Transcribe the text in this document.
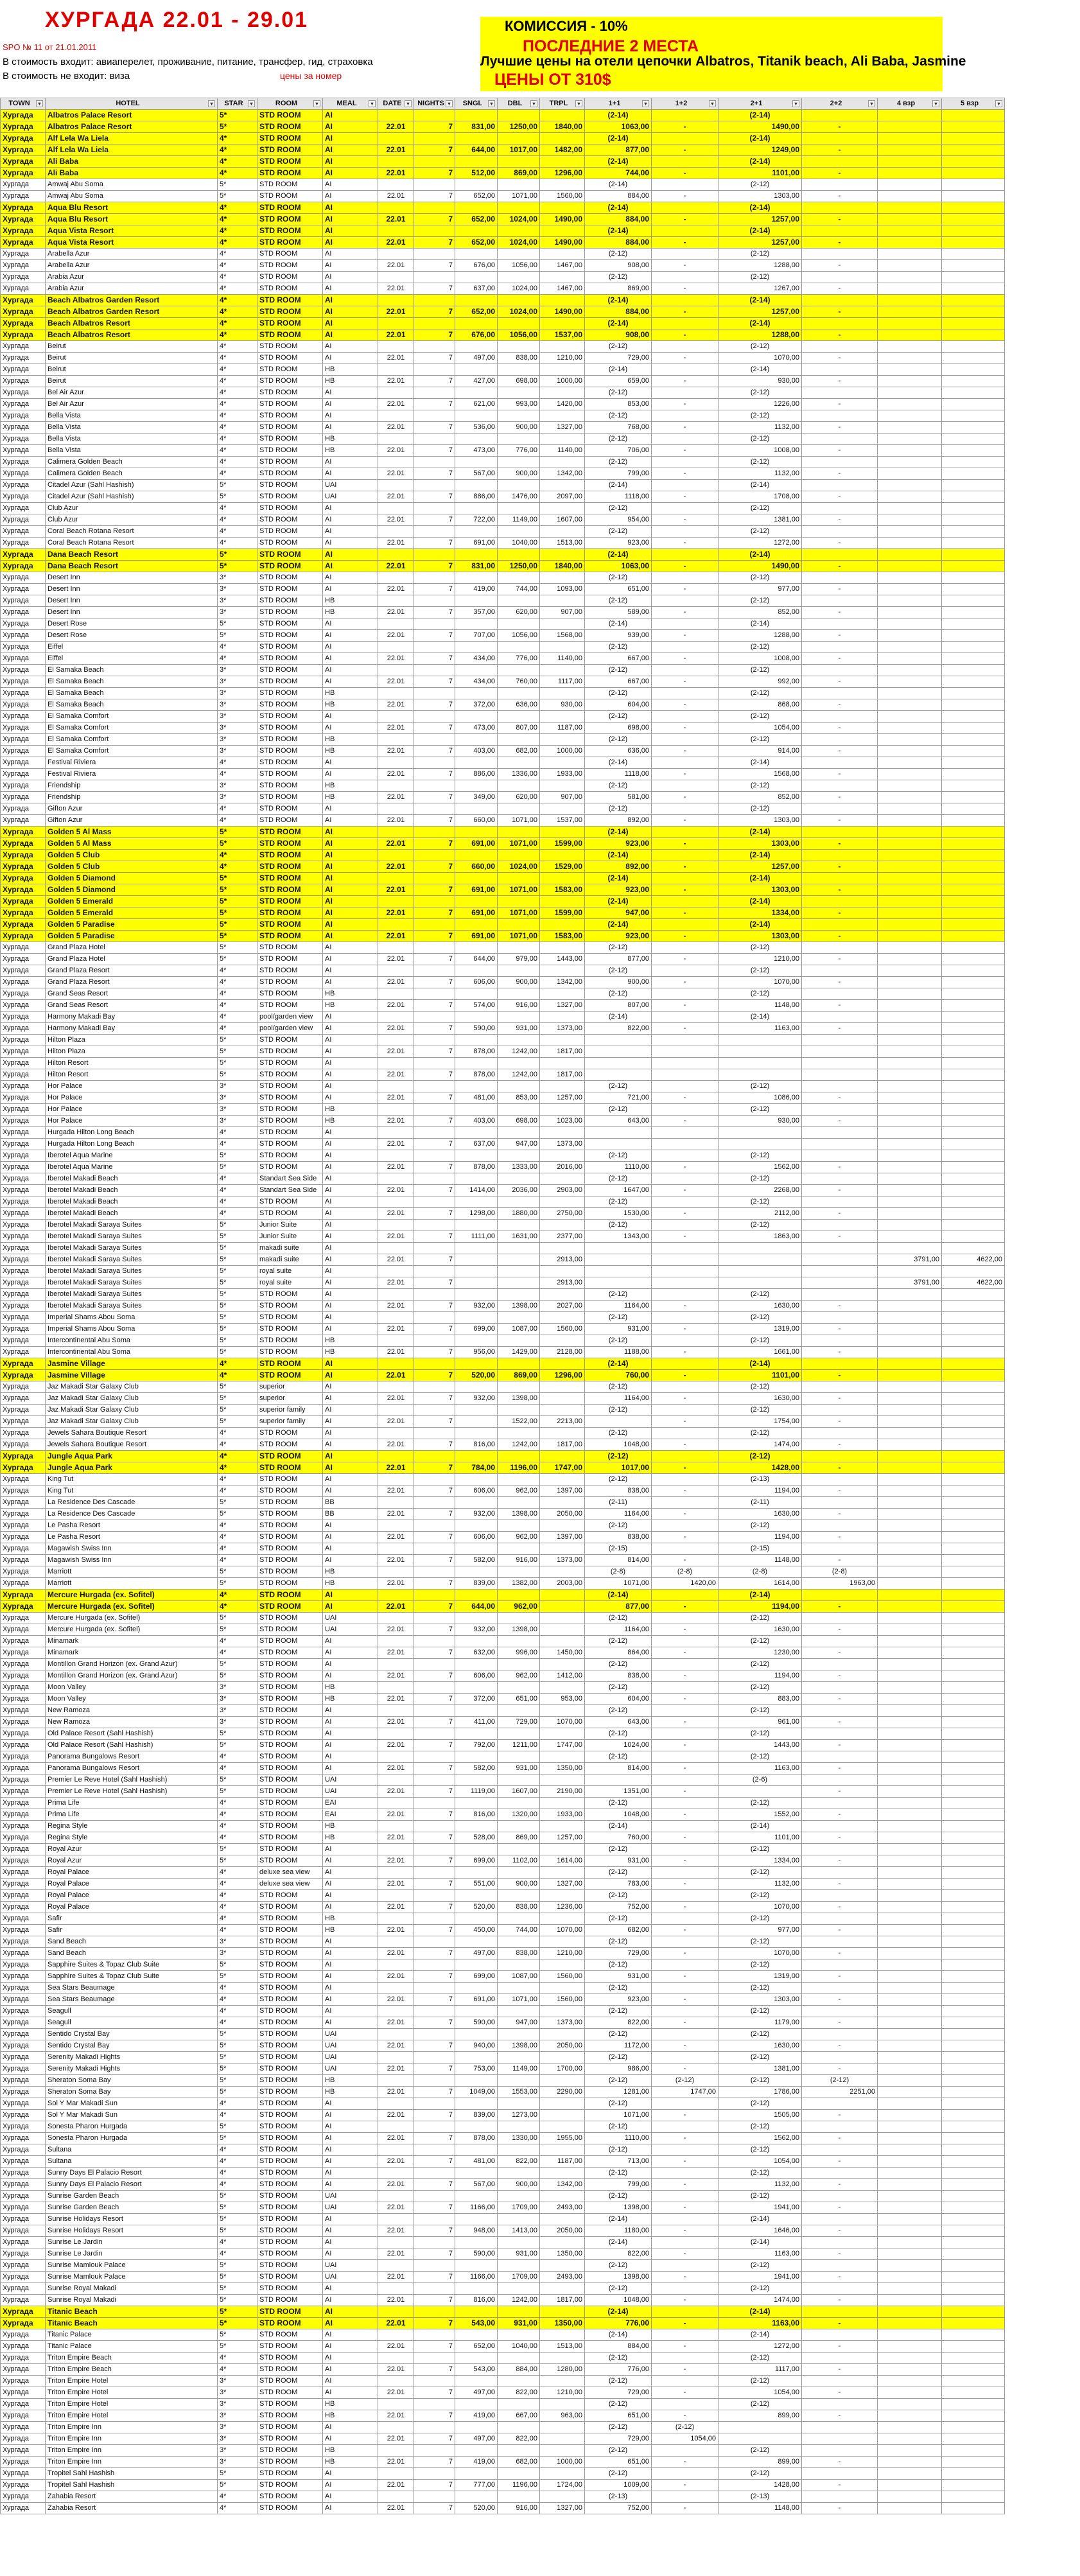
ХУРГАДА 22.01 - 29.01
SPO № 11 от 21.01.2011
В стоимость входит: авиаперелет, проживание, питание, трансфер, гид, страховка
В стоимость не входит: виза	цены за номер
КОМИССИЯ - 10%
ПОСЛЕДНИЕ 2 МЕСТА
Лучшие цены на отели цепочки Albatros, Titanik beach, Ali Baba, Jasmine
ЦЕНЫ ОТ 310$
TOWN ▾	HOTEL ▾	STAR ▾	ROOM ▾	MEAL ▾	DATE ▾	NIGHTS ▾	SNGL ▾	DBL ▾	TRPL ▾	1+1 ▾	1+2 ▾	2+1 ▾	2+2 ▾	4 взр ▾	5 взр ▾

Хургада	Albatros Palace Resort	5*	STD ROOM	AI						(2-14)		(2-14)			
Хургада	Albatros Palace Resort	5*	STD ROOM	AI	22.01	7	831,00	1250,00	1840,00	1063,00	-	1490,00	-		
Хургада	Alf Lela Wa Liela	4*	STD ROOM	AI						(2-14)		(2-14)			
Хургада	Alf Lela Wa Liela	4*	STD ROOM	AI	22.01	7	644,00	1017,00	1482,00	877,00	-	1249,00	-		
Хургада	Ali Baba	4*	STD ROOM	AI						(2-14)		(2-14)			
Хургада	Ali Baba	4*	STD ROOM	AI	22.01	7	512,00	869,00	1296,00	744,00	-	1101,00	-		
Хургада	Amwaj Abu Soma	5*	STD ROOM	AI						(2-14)		(2-12)			
Хургада	Amwaj Abu Soma	5*	STD ROOM	AI	22.01	7	652,00	1071,00	1560,00	884,00	-	1303,00	-		
Хургада	Aqua Blu Resort	4*	STD ROOM	AI						(2-14)		(2-14)			
Хургада	Aqua Blu Resort	4*	STD ROOM	AI	22.01	7	652,00	1024,00	1490,00	884,00	-	1257,00	-		
Хургада	Aqua Vista Resort	4*	STD ROOM	AI						(2-14)		(2-14)			
Хургада	Aqua Vista Resort	4*	STD ROOM	AI	22.01	7	652,00	1024,00	1490,00	884,00	-	1257,00	-		
Хургада	Arabella Azur	4*	STD ROOM	AI						(2-12)		(2-12)			
Хургада	Arabella Azur	4*	STD ROOM	AI	22.01	7	676,00	1056,00	1467,00	908,00	-	1288,00	-		
Хургада	Arabia Azur	4*	STD ROOM	AI						(2-12)		(2-12)			
Хургада	Arabia Azur	4*	STD ROOM	AI	22.01	7	637,00	1024,00	1467,00	869,00	-	1267,00	-		
Хургада	Beach Albatros Garden Resort	4*	STD ROOM	AI						(2-14)		(2-14)			
Хургада	Beach Albatros Garden Resort	4*	STD ROOM	AI	22.01	7	652,00	1024,00	1490,00	884,00	-	1257,00	-		
Хургада	Beach Albatros Resort	4*	STD ROOM	AI						(2-14)		(2-14)			
Хургада	Beach Albatros Resort	4*	STD ROOM	AI	22.01	7	676,00	1056,00	1537,00	908,00	-	1288,00	-		
Хургада	Beirut	4*	STD ROOM	AI						(2-12)		(2-12)			
Хургада	Beirut	4*	STD ROOM	AI	22.01	7	497,00	838,00	1210,00	729,00	-	1070,00	-		
Хургада	Beirut	4*	STD ROOM	HB						(2-14)		(2-14)			
Хургада	Beirut	4*	STD ROOM	HB	22.01	7	427,00	698,00	1000,00	659,00	-	930,00	-		
Хургада	Bel Air Azur	4*	STD ROOM	AI						(2-12)		(2-12)			
Хургада	Bel Air Azur	4*	STD ROOM	AI	22.01	7	621,00	993,00	1420,00	853,00	-	1226,00	-		
Хургада	Bella Vista	4*	STD ROOM	AI						(2-12)		(2-12)			
Хургада	Bella Vista	4*	STD ROOM	AI	22.01	7	536,00	900,00	1327,00	768,00	-	1132,00	-		
Хургада	Bella Vista	4*	STD ROOM	HB						(2-12)		(2-12)			
Хургада	Bella Vista	4*	STD ROOM	HB	22.01	7	473,00	776,00	1140,00	706,00	-	1008,00	-		
Хургада	Calimera Golden Beach	4*	STD ROOM	AI						(2-12)		(2-12)			
Хургада	Calimera Golden Beach	4*	STD ROOM	AI	22.01	7	567,00	900,00	1342,00	799,00	-	1132,00	-		
Хургада	Citadel Azur (Sahl Hashish)	5*	STD ROOM	UAI						(2-14)		(2-14)			
Хургада	Citadel Azur (Sahl Hashish)	5*	STD ROOM	UAI	22.01	7	886,00	1476,00	2097,00	1118,00	-	1708,00	-		
Хургада	Club Azur	4*	STD ROOM	AI						(2-12)		(2-12)			
Хургада	Club Azur	4*	STD ROOM	AI	22.01	7	722,00	1149,00	1607,00	954,00	-	1381,00	-		
Хургада	Coral Beach Rotana Resort	4*	STD ROOM	AI						(2-12)		(2-12)			
Хургада	Coral Beach Rotana Resort	4*	STD ROOM	AI	22.01	7	691,00	1040,00	1513,00	923,00	-	1272,00	-		
Хургада	Dana Beach Resort	5*	STD ROOM	AI						(2-14)		(2-14)			
Хургада	Dana Beach Resort	5*	STD ROOM	AI	22.01	7	831,00	1250,00	1840,00	1063,00	-	1490,00	-		
Хургада	Desert Inn	3*	STD ROOM	AI						(2-12)		(2-12)			
Хургада	Desert Inn	3*	STD ROOM	AI	22.01	7	419,00	744,00	1093,00	651,00	-	977,00	-		
Хургада	Desert Inn	3*	STD ROOM	HB						(2-12)		(2-12)			
Хургада	Desert Inn	3*	STD ROOM	HB	22.01	7	357,00	620,00	907,00	589,00	-	852,00	-		
Хургада	Desert Rose	5*	STD ROOM	AI						(2-14)		(2-14)			
Хургада	Desert Rose	5*	STD ROOM	AI	22.01	7	707,00	1056,00	1568,00	939,00	-	1288,00	-		
Хургада	Eiffel	4*	STD ROOM	AI						(2-12)		(2-12)			
Хургада	Eiffel	4*	STD ROOM	AI	22.01	7	434,00	776,00	1140,00	667,00	-	1008,00	-		
Хургада	El Samaka Beach	3*	STD ROOM	AI						(2-12)		(2-12)			
Хургада	El Samaka Beach	3*	STD ROOM	AI	22.01	7	434,00	760,00	1117,00	667,00	-	992,00	-		
Хургада	El Samaka Beach	3*	STD ROOM	HB						(2-12)		(2-12)			
Хургада	El Samaka Beach	3*	STD ROOM	HB	22.01	7	372,00	636,00	930,00	604,00	-	868,00	-		
Хургада	El Samaka Comfort	3*	STD ROOM	AI						(2-12)		(2-12)			
Хургада	El Samaka Comfort	3*	STD ROOM	AI	22.01	7	473,00	807,00	1187,00	698,00	-	1054,00	-		
Хургада	El Samaka Comfort	3*	STD ROOM	HB						(2-12)		(2-12)			
Хургада	El Samaka Comfort	3*	STD ROOM	HB	22.01	7	403,00	682,00	1000,00	636,00	-	914,00	-		
Хургада	Festival Riviera	4*	STD ROOM	AI						(2-14)		(2-14)			
Хургада	Festival Riviera	4*	STD ROOM	AI	22.01	7	886,00	1336,00	1933,00	1118,00	-	1568,00	-		
Хургада	Friendship	3*	STD ROOM	HB						(2-12)		(2-12)			
Хургада	Friendship	3*	STD ROOM	HB	22.01	7	349,00	620,00	907,00	581,00	-	852,00	-		
Хургада	Gifton Azur	4*	STD ROOM	AI						(2-12)		(2-12)			
Хургада	Gifton Azur	4*	STD ROOM	AI	22.01	7	660,00	1071,00	1537,00	892,00	-	1303,00	-		
Хургада	Golden 5 Al Mass	5*	STD ROOM	AI						(2-14)		(2-14)			
Хургада	Golden 5 Al Mass	5*	STD ROOM	AI	22.01	7	691,00	1071,00	1599,00	923,00	-	1303,00	-		
Хургада	Golden 5 Club	4*	STD ROOM	AI						(2-14)		(2-14)			
Хургада	Golden 5 Club	4*	STD ROOM	AI	22.01	7	660,00	1024,00	1529,00	892,00	-	1257,00	-		
Хургада	Golden 5 Diamond	5*	STD ROOM	AI						(2-14)		(2-14)			
Хургада	Golden 5 Diamond	5*	STD ROOM	AI	22.01	7	691,00	1071,00	1583,00	923,00	-	1303,00	-		
Хургада	Golden 5 Emerald	5*	STD ROOM	AI						(2-14)		(2-14)			
Хургада	Golden 5 Emerald	5*	STD ROOM	AI	22.01	7	691,00	1071,00	1599,00	947,00	-	1334,00	-		
Хургада	Golden 5 Paradise	5*	STD ROOM	AI						(2-14)		(2-14)			
Хургада	Golden 5 Paradise	5*	STD ROOM	AI	22.01	7	691,00	1071,00	1583,00	923,00	-	1303,00	-		
Хургада	Grand Plaza Hotel	5*	STD ROOM	AI						(2-12)		(2-12)			
Хургада	Grand Plaza Hotel	5*	STD ROOM	AI	22.01	7	644,00	979,00	1443,00	877,00	-	1210,00	-		
Хургада	Grand Plaza Resort	4*	STD ROOM	AI						(2-12)		(2-12)			
Хургада	Grand Plaza Resort	4*	STD ROOM	AI	22.01	7	606,00	900,00	1342,00	900,00	-	1070,00	-		
Хургада	Grand Seas Resort	4*	STD ROOM	HB						(2-12)		(2-12)			
Хургада	Grand Seas Resort	4*	STD ROOM	HB	22.01	7	574,00	916,00	1327,00	807,00	-	1148,00	-		
Хургада	Harmony Makadi Bay	4*	pool/garden view	AI						(2-14)		(2-14)			
Хургада	Harmony Makadi Bay	4*	pool/garden view	AI	22.01	7	590,00	931,00	1373,00	822,00	-	1163,00	-		
Хургада	Hilton Plaza	5*	STD ROOM	AI											
Хургада	Hilton Plaza	5*	STD ROOM	AI	22.01	7	878,00	1242,00	1817,00						
Хургада	Hilton Resort	5*	STD ROOM	AI											
Хургада	Hilton Resort	5*	STD ROOM	AI	22.01	7	878,00	1242,00	1817,00						
Хургада	Hor Palace	3*	STD ROOM	AI						(2-12)		(2-12)			
Хургада	Hor Palace	3*	STD ROOM	AI	22.01	7	481,00	853,00	1257,00	721,00	-	1086,00	-		
Хургада	Hor Palace	3*	STD ROOM	HB						(2-12)		(2-12)			
Хургада	Hor Palace	3*	STD ROOM	HB	22.01	7	403,00	698,00	1023,00	643,00	-	930,00	-		
Хургада	Hurgada Hilton Long Beach	4*	STD ROOM	AI											
Хургада	Hurgada Hilton Long Beach	4*	STD ROOM	AI	22.01	7	637,00	947,00	1373,00						
Хургада	Iberotel Aqua Marine	5*	STD ROOM	AI						(2-12)		(2-12)			
Хургада	Iberotel Aqua Marine	5*	STD ROOM	AI	22.01	7	878,00	1333,00	2016,00	1110,00	-	1562,00	-		
Хургада	Iberotel Makadi Beach	4*	Standart Sea Side	AI						(2-12)		(2-12)			
Хургада	Iberotel Makadi Beach	4*	Standart Sea Side	AI	22.01	7	1414,00	2036,00	2903,00	1647,00	-	2268,00	-		
Хургада	Iberotel Makadi Beach	4*	STD ROOM	AI						(2-12)		(2-12)			
Хургада	Iberotel Makadi Beach	4*	STD ROOM	AI	22.01	7	1298,00	1880,00	2750,00	1530,00	-	2112,00	-		
Хургада	Iberotel Makadi Saraya Suites	5*	Junior Suite	AI						(2-12)		(2-12)			
Хургада	Iberotel Makadi Saraya Suites	5*	Junior Suite	AI	22.01	7	1111,00	1631,00	2377,00	1343,00	-	1863,00	-		
Хургада	Iberotel Makadi Saraya Suites	5*	makadi suite	AI											
Хургада	Iberotel Makadi Saraya Suites	5*	makadi suite	AI	22.01	7			2913,00					3791,00	4622,00
Хургада	Iberotel Makadi Saraya Suites	5*	royal suite	AI											
Хургада	Iberotel Makadi Saraya Suites	5*	royal suite	AI	22.01	7			2913,00					3791,00	4622,00
Хургада	Iberotel Makadi Saraya Suites	5*	STD ROOM	AI						(2-12)		(2-12)			
Хургада	Iberotel Makadi Saraya Suites	5*	STD ROOM	AI	22.01	7	932,00	1398,00	2027,00	1164,00	-	1630,00	-		
Хургада	Imperial Shams Abou Soma	5*	STD ROOM	AI						(2-12)		(2-12)			
Хургада	Imperial Shams Abou Soma	5*	STD ROOM	AI	22.01	7	699,00	1087,00	1560,00	931,00	-	1319,00	-		
Хургада	Intercontinental Abu Soma	5*	STD ROOM	HB						(2-12)		(2-12)			
Хургада	Intercontinental Abu Soma	5*	STD ROOM	HB	22.01	7	956,00	1429,00	2128,00	1188,00	-	1661,00	-		
Хургада	Jasmine Village	4*	STD ROOM	AI						(2-14)		(2-14)			
Хургада	Jasmine Village	4*	STD ROOM	AI	22.01	7	520,00	869,00	1296,00	760,00	-	1101,00	-		
Хургада	Jaz Makadi Star Galaxy Club	5*	superior	AI						(2-12)		(2-12)			
Хургада	Jaz Makadi Star Galaxy Club	5*	superior	AI	22.01	7	932,00	1398,00		1164,00	-	1630,00	-		
Хургада	Jaz Makadi Star Galaxy Club	5*	superior family	AI						(2-12)		(2-12)			
Хургада	Jaz Makadi Star Galaxy Club	5*	superior family	AI	22.01	7		1522,00	2213,00		-	1754,00	-		
Хургада	Jewels Sahara Boutique Resort	4*	STD ROOM	AI						(2-12)		(2-12)			
Хургада	Jewels Sahara Boutique Resort	4*	STD ROOM	AI	22.01	7	816,00	1242,00	1817,00	1048,00	-	1474,00	-		
Хургада	Jungle Aqua Park	4*	STD ROOM	AI						(2-12)		(2-12)			
Хургада	Jungle Aqua Park	4*	STD ROOM	AI	22.01	7	784,00	1196,00	1747,00	1017,00	-	1428,00	-		
Хургада	King Tut	4*	STD ROOM	AI						(2-12)		(2-13)			
Хургада	King Tut	4*	STD ROOM	AI	22.01	7	606,00	962,00	1397,00	838,00	-	1194,00	-		
Хургада	La Residence Des Cascade	5*	STD ROOM	BB						(2-11)		(2-11)			
Хургада	La Residence Des Cascade	5*	STD ROOM	BB	22.01	7	932,00	1398,00	2050,00	1164,00	-	1630,00	-		
Хургада	Le Pasha Resort	4*	STD ROOM	AI						(2-12)		(2-12)			
Хургада	Le Pasha Resort	4*	STD ROOM	AI	22.01	7	606,00	962,00	1397,00	838,00	-	1194,00	-		
Хургада	Magawish Swiss Inn	4*	STD ROOM	AI						(2-15)		(2-15)			
Хургада	Magawish Swiss Inn	4*	STD ROOM	AI	22.01	7	582,00	916,00	1373,00	814,00	-	1148,00	-		
Хургада	Marriott	5*	STD ROOM	HB						(2-8)	(2-8)	(2-8)	(2-8)		
Хургада	Marriott	5*	STD ROOM	HB	22.01	7	839,00	1382,00	2003,00	1071,00	1420,00	1614,00	1963,00		
Хургада	Mercure Hurgada (ex. Sofitel)	4*	STD ROOM	AI						(2-14)		(2-14)			
Хургада	Mercure Hurgada (ex. Sofitel)	4*	STD ROOM	AI	22.01	7	644,00	962,00		877,00	-	1194,00	-		
Хургада	Mercure Hurgada (ex. Sofitel)	5*	STD ROOM	UAI						(2-12)		(2-12)			
Хургада	Mercure Hurgada (ex. Sofitel)	5*	STD ROOM	UAI	22.01	7	932,00	1398,00		1164,00	-	1630,00	-		
Хургада	Minamark	4*	STD ROOM	AI						(2-12)		(2-12)			
Хургада	Minamark	4*	STD ROOM	AI	22.01	7	632,00	996,00	1450,00	864,00	-	1230,00	-		
Хургада	Montillon Grand Horizon (ex. Grand Azur)	5*	STD ROOM	AI						(2-12)		(2-12)			
Хургада	Montillon Grand Horizon (ex. Grand Azur)	5*	STD ROOM	AI	22.01	7	606,00	962,00	1412,00	838,00	-	1194,00	-		
Хургада	Moon Valley	3*	STD ROOM	HB						(2-12)		(2-12)			
Хургада	Moon Valley	3*	STD ROOM	HB	22.01	7	372,00	651,00	953,00	604,00	-	883,00	-		
Хургада	New Ramoza	3*	STD ROOM	AI						(2-12)		(2-12)			
Хургада	New Ramoza	3*	STD ROOM	AI	22.01	7	411,00	729,00	1070,00	643,00	-	961,00	-		
Хургада	Old Palace Resort (Sahl Hashish)	5*	STD ROOM	AI						(2-12)		(2-12)			
Хургада	Old Palace Resort (Sahl Hashish)	5*	STD ROOM	AI	22.01	7	792,00	1211,00	1747,00	1024,00	-	1443,00	-		
Хургада	Panorama Bungalows Resort	4*	STD ROOM	AI						(2-12)		(2-12)			
Хургада	Panorama Bungalows Resort	4*	STD ROOM	AI	22.01	7	582,00	931,00	1350,00	814,00	-	1163,00	-		
Хургада	Premier Le Reve Hotel (Sahl Hashish)	5*	STD ROOM	UAI								(2-6)			
Хургада	Premier Le Reve Hotel (Sahl Hashish)	5*	STD ROOM	UAI	22.01	7	1119,00	1607,00	2190,00	1351,00	-		-		
Хургада	Prima Life	4*	STD ROOM	EAI						(2-12)		(2-12)			
Хургада	Prima Life	4*	STD ROOM	EAI	22.01	7	816,00	1320,00	1933,00	1048,00	-	1552,00	-		
Хургада	Regina Style	4*	STD ROOM	HB						(2-14)		(2-14)			
Хургада	Regina Style	4*	STD ROOM	HB	22.01	7	528,00	869,00	1257,00	760,00	-	1101,00	-		
Хургада	Royal Azur	5*	STD ROOM	AI						(2-12)		(2-12)			
Хургада	Royal Azur	5*	STD ROOM	AI	22.01	7	699,00	1102,00	1614,00	931,00	-	1334,00	-		
Хургада	Royal Palace	4*	deluxe sea view	AI						(2-12)		(2-12)			
Хургада	Royal Palace	4*	deluxe sea view	AI	22.01	7	551,00	900,00	1327,00	783,00	-	1132,00	-		
Хургада	Royal Palace	4*	STD ROOM	AI						(2-12)		(2-12)			
Хургада	Royal Palace	4*	STD ROOM	AI	22.01	7	520,00	838,00	1236,00	752,00	-	1070,00	-		
Хургада	Safir	4*	STD ROOM	HB						(2-12)		(2-12)			
Хургада	Safir	4*	STD ROOM	HB	22.01	7	450,00	744,00	1070,00	682,00	-	977,00	-		
Хургада	Sand Beach	3*	STD ROOM	AI						(2-12)		(2-12)			
Хургада	Sand Beach	3*	STD ROOM	AI	22.01	7	497,00	838,00	1210,00	729,00	-	1070,00	-		
Хургада	Sapphire Suites & Topaz Club Suite	5*	STD ROOM	AI						(2-12)		(2-12)			
Хургада	Sapphire Suites & Topaz Club Suite	5*	STD ROOM	AI	22.01	7	699,00	1087,00	1560,00	931,00	-	1319,00	-		
Хургада	Sea Stars Beaumage	4*	STD ROOM	AI						(2-12)		(2-12)			
Хургада	Sea Stars Beaumage	4*	STD ROOM	AI	22.01	7	691,00	1071,00	1560,00	923,00	-	1303,00	-		
Хургада	Seagull	4*	STD ROOM	AI						(2-12)		(2-12)			
Хургада	Seagull	4*	STD ROOM	AI	22.01	7	590,00	947,00	1373,00	822,00	-	1179,00	-		
Хургада	Sentido Crystal Bay	5*	STD ROOM	UAI						(2-12)		(2-12)			
Хургада	Sentido Crystal Bay	5*	STD ROOM	UAI	22.01	7	940,00	1398,00	2050,00	1172,00	-	1630,00	-		
Хургада	Serenity Makadi Hights	5*	STD ROOM	UAI						(2-12)		(2-12)			
Хургада	Serenity Makadi Hights	5*	STD ROOM	UAI	22.01	7	753,00	1149,00	1700,00	986,00	-	1381,00	-		
Хургада	Sheraton Soma Bay	5*	STD ROOM	HB						(2-12)	(2-12)	(2-12)	(2-12)		
Хургада	Sheraton Soma Bay	5*	STD ROOM	HB	22.01	7	1049,00	1553,00	2290,00	1281,00	1747,00	1786,00	2251,00		
Хургада	Sol Y Mar Makadi Sun	4*	STD ROOM	AI						(2-12)		(2-12)			
Хургада	Sol Y Mar Makadi Sun	4*	STD ROOM	AI	22.01	7	839,00	1273,00		1071,00	-	1505,00	-		
Хургада	Sonesta Pharon Hurgada	5*	STD ROOM	AI						(2-12)		(2-12)			
Хургада	Sonesta Pharon Hurgada	5*	STD ROOM	AI	22.01	7	878,00	1330,00	1955,00	1110,00	-	1562,00	-		
Хургада	Sultana	4*	STD ROOM	AI						(2-12)		(2-12)			
Хургада	Sultana	4*	STD ROOM	AI	22.01	7	481,00	822,00	1187,00	713,00	-	1054,00	-		
Хургада	Sunny Days El Palacio Resort	4*	STD ROOM	AI						(2-12)		(2-12)			
Хургада	Sunny Days El Palacio Resort	4*	STD ROOM	AI	22.01	7	567,00	900,00	1342,00	799,00	-	1132,00	-		
Хургада	Sunrise Garden Beach	5*	STD ROOM	UAI						(2-12)		(2-12)			
Хургада	Sunrise Garden Beach	5*	STD ROOM	UAI	22.01	7	1166,00	1709,00	2493,00	1398,00	-	1941,00	-		
Хургада	Sunrise Holidays Resort	5*	STD ROOM	AI						(2-14)		(2-14)			
Хургада	Sunrise Holidays Resort	5*	STD ROOM	AI	22.01	7	948,00	1413,00	2050,00	1180,00	-	1646,00	-		
Хургада	Sunrise Le Jardin	4*	STD ROOM	AI						(2-14)		(2-14)			
Хургада	Sunrise Le Jardin	4*	STD ROOM	AI	22.01	7	590,00	931,00	1350,00	822,00	-	1163,00	-		
Хургада	Sunrise Mamlouk Palace	5*	STD ROOM	UAI						(2-12)		(2-12)			
Хургада	Sunrise Mamlouk Palace	5*	STD ROOM	UAI	22.01	7	1166,00	1709,00	2493,00	1398,00	-	1941,00	-		
Хургада	Sunrise Royal Makadi	5*	STD ROOM	AI						(2-12)		(2-12)			
Хургада	Sunrise Royal Makadi	5*	STD ROOM	AI	22.01	7	816,00	1242,00	1817,00	1048,00	-	1474,00	-		
Хургада	Titanic Beach	5*	STD ROOM	AI						(2-14)		(2-14)			
Хургада	Titanic Beach	5*	STD ROOM	AI	22.01	7	543,00	931,00	1350,00	776,00	-	1163,00	-		
Хургада	Titanic Palace	5*	STD ROOM	AI						(2-14)		(2-14)			
Хургада	Titanic Palace	5*	STD ROOM	AI	22.01	7	652,00	1040,00	1513,00	884,00	-	1272,00	-		
Хургада	Triton Empire Beach	4*	STD ROOM	AI						(2-12)		(2-12)			
Хургада	Triton Empire Beach	4*	STD ROOM	AI	22.01	7	543,00	884,00	1280,00	776,00	-	1117,00	-		
Хургада	Triton Empire Hotel	3*	STD ROOM	AI						(2-12)		(2-12)			
Хургада	Triton Empire Hotel	3*	STD ROOM	AI	22.01	7	497,00	822,00	1210,00	729,00	-	1054,00	-		
Хургада	Triton Empire Hotel	3*	STD ROOM	HB						(2-12)		(2-12)			
Хургада	Triton Empire Hotel	3*	STD ROOM	HB	22.01	7	419,00	667,00	963,00	651,00	-	899,00	-		
Хургада	Triton Empire Inn	3*	STD ROOM	AI						(2-12)	(2-12)				
Хургада	Triton Empire Inn	3*	STD ROOM	AI	22.01	7	497,00	822,00		729,00	1054,00				
Хургада	Triton Empire Inn	3*	STD ROOM	HB						(2-12)		(2-12)			
Хургада	Triton Empire Inn	3*	STD ROOM	HB	22.01	7	419,00	682,00	1000,00	651,00	-	899,00	-		
Хургада	Tropitel Sahl Hashish	5*	STD ROOM	AI						(2-12)		(2-12)			
Хургада	Tropitel Sahl Hashish	5*	STD ROOM	AI	22.01	7	777,00	1196,00	1724,00	1009,00	-	1428,00	-		
Хургада	Zahabia Resort	4*	STD ROOM	AI						(2-13)		(2-13)			
Хургада	Zahabia Resort	4*	STD ROOM	AI	22.01	7	520,00	916,00	1327,00	752,00	-	1148,00	-		
